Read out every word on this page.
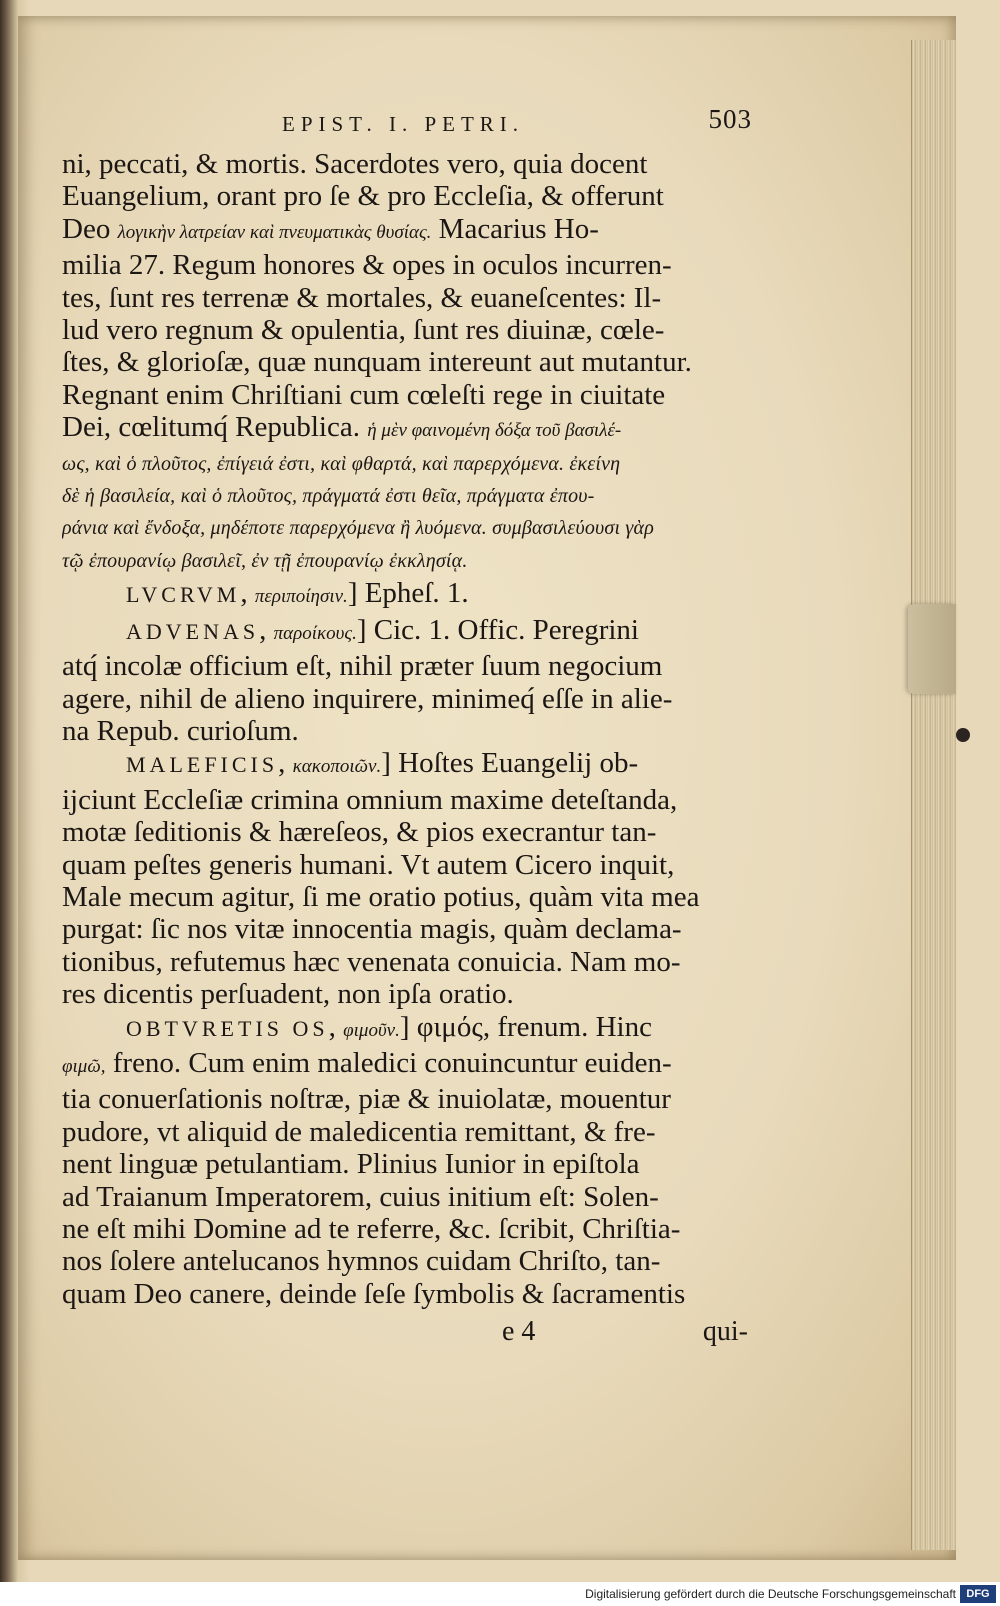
EPIST. I. PETRI.	503
ni, peccati, & mortis. Sacerdotes vero, quia docent
Euangelium, orant pro ſe & pro Eccleſia, & offerunt
Deo λογικὴν λατρείαν καὶ πνευματικὰς θυσίας. Macarius Ho-
milia 27. Regum honores & opes in oculos incurren-
tes, ſunt res terrenæ & mortales, & euaneſcentes: Il-
lud vero regnum & opulentia, ſunt res diuinæ, cœle-
ſtes, & glorioſæ, quæ nunquam intereunt aut mutantur.
Regnant enim Chriſtiani cum cœleſti rege in ciuitate
Dei, cœlitumq́ Republica. ἡ μὲν φαινομένη δόξα τοῦ βασιλέ-
ως, καὶ ὁ πλοῦτος, ἐπίγειά ἐστι, καὶ φθαρτά, καὶ παρερχόμενα. ἐκείνη
δὲ ἡ βασιλεία, καὶ ὁ πλοῦτος, πράγματά ἐστι θεῖα, πράγματα ἐπου-
ράνια καὶ ἔνδοξα, μηδέποτε παρερχόμενα ἢ λυόμενα. συμβασιλεύουσι γὰρ
τῷ ἐπουρανίῳ βασιλεῖ, ἐν τῇ ἐπουρανίῳ ἐκκλησίᾳ.
LVCRVM, περιποίησιν.] Epheſ. 1.
ADVENAS, παροίκους.] Cic. 1. Offic. Peregrini
atq́ incolæ officium eſt, nihil præter ſuum negocium
agere, nihil de alieno inquirere, minimeq́ eſſe in alie-
na Repub. curioſum.
MALEFICIS, κακοποιῶν.] Hoſtes Euangelij ob-
ijciunt Eccleſiæ crimina omnium maxime deteſtanda,
motæ ſeditionis & hæreſeos, & pios execrantur tan-
quam peſtes generis humani. Vt autem Cicero inquit,
Male mecum agitur, ſi me oratio potius, quàm vita mea
purgat: ſic nos vitæ innocentia magis, quàm declama-
tionibus, refutemus hæc venenata conuicia. Nam mo-
res dicentis perſuadent, non ipſa oratio.
OBTVRETIS OS, φιμοῦν.] φιμός, frenum. Hinc
φιμῶ, freno. Cum enim maledici conuincuntur euiden-
tia conuerſationis noſtræ, piæ & inuiolatæ, mouentur
pudore, vt aliquid de maledicentia remittant, & fre-
nent linguæ petulantiam. Plinius Iunior in epiſtola
ad Traianum Imperatorem, cuius initium eſt: Solen-
ne eſt mihi Domine ad te referre, &c. ſcribit, Chriſtia-
nos ſolere antelucanos hymnos cuidam Chriſto, tan-
quam Deo canere, deinde ſeſe ſymbolis & ſacramentis
e 4	qui-
Digitalisierung gefördert durch die Deutsche Forschungsgemeinschaft DFG
